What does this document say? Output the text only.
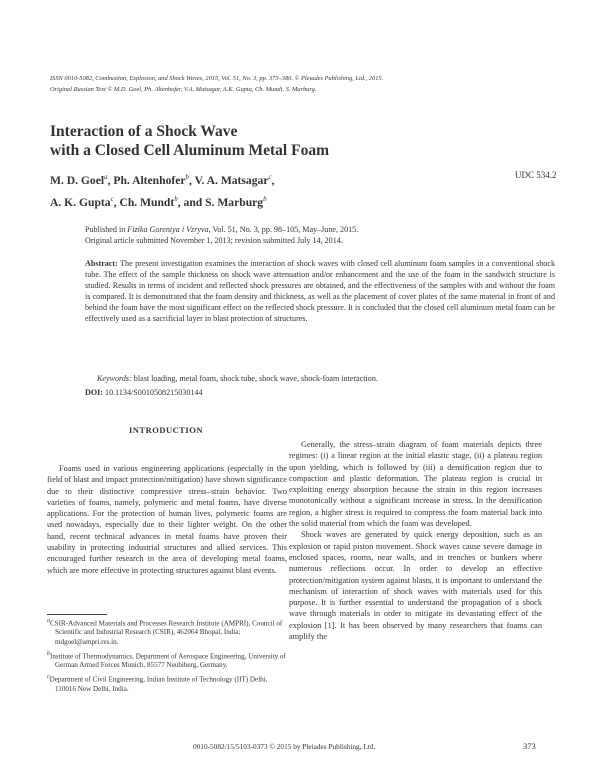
ISSN 0010-5082, Combustion, Explosion, and Shock Waves, 2015, Vol. 51, No. 3, pp. 373–380. © Pleiades Publishing, Ltd., 2015.
Original Russian Text © M.D. Goel, Ph. Altenhofer, V.A. Matsagar, A.K. Gupta, Ch. Mundt, S. Marburg.
Interaction of a Shock Wave
with a Closed Cell Aluminum Metal Foam
M. D. Goel$^a$, Ph. Altenhofer$^b$, V. A. Matsagar$^c$,
A. K. Gupta$^c$, Ch. Mundt$^b$, and S. Marburg$^b$
UDC 534.2
Published in Fizika Goreniya i Vzryva, Vol. 51, No. 3, pp. 98–105, May–June, 2015.
Original article submitted November 1, 2013; revision submitted July 14, 2014.
Abstract: The present investigation examines the interaction of shock waves with closed cell aluminum foam samples in a conventional shock tube. The effect of the sample thickness on shock wave attenuation and/or enhancement and the use of the foam in the sandwich structure is studied. Results in terms of incident and reflected shock pressures are obtained, and the effectiveness of the samples with and without the foam is compared. It is demonstrated that the foam density and thickness, as well as the placement of cover plates of the same material in front of and behind the foam have the most significant effect on the reflected shock pressure. It is concluded that the closed cell aluminum metal foam can be effectively used as a sacrificial layer in blast protection of structures.
Keywords: blast loading, metal foam, shock tube, shock wave, shock-foam interaction.
DOI: 10.1134/S0010508215030144
INTRODUCTION

Foams used in various engineering applications (especially in the field of blast and impact protection/mitigation) have shown significance due to their distinctive compressive stress–strain behavior. Two varieties of foams, namely, polymeric and metal foams, have diverse applications. For the protection of human lives, polymeric foams are used nowadays, especially due to their lighter weight. On the other hand, recent technical advances in metal foams have proven their usability in protecting industrial structures and allied services. This encouraged further research in the area of developing metal foams, which are more effective in protecting structures against blast events.

Generally, the stress–strain diagram of foam materials depicts three regimes: (i) a linear region at the initial elastic stage, (ii) a plateau region upon yielding, which is followed by (iii) a densification region due to compaction and plastic deformation. The plateau region is crucial in exploiting energy absorption because the strain in this region increases monotonically without a significant increase in stress. In the densification region, a higher stress is required to compress the foam material back into the solid material from which the foam was developed.

Shock waves are generated by quick energy deposition, such as an explosion or rapid piston movement. Shock waves cause severe damage in enclosed spaces, rooms, near walls, and in trenches or bunkers where numerous reflections occur. In order to develop an effective protection/mitigation system against blasts, it is important to understand the mechanism of interaction of shock waves with materials used for this purpose. It is further essential to understand the propagation of a shock wave through materials in order to mitigate its devastating effect of the explosion [1]. It has been observed by many researchers that foams can amplify the

$^a$CSIR-Advanced Materials and Processes Research Institute (AMPRI), Council of Scientific and Industrial Research (CSIR), 462064 Bhopal, India; mdgoel@ampri.res.in.
$^b$Institute of Thermodynamics, Department of Aerospace Engineering, University of German Armed Forces Munich, 85577 Neubiberg, Germany.
$^c$Department of Civil Engineering, Indian Institute of Technology (IIT) Delhi, 110016 New Delhi, India.
0010-5082/15/5103-0373 © 2015 by Pleiades Publishing, Ltd.	373
